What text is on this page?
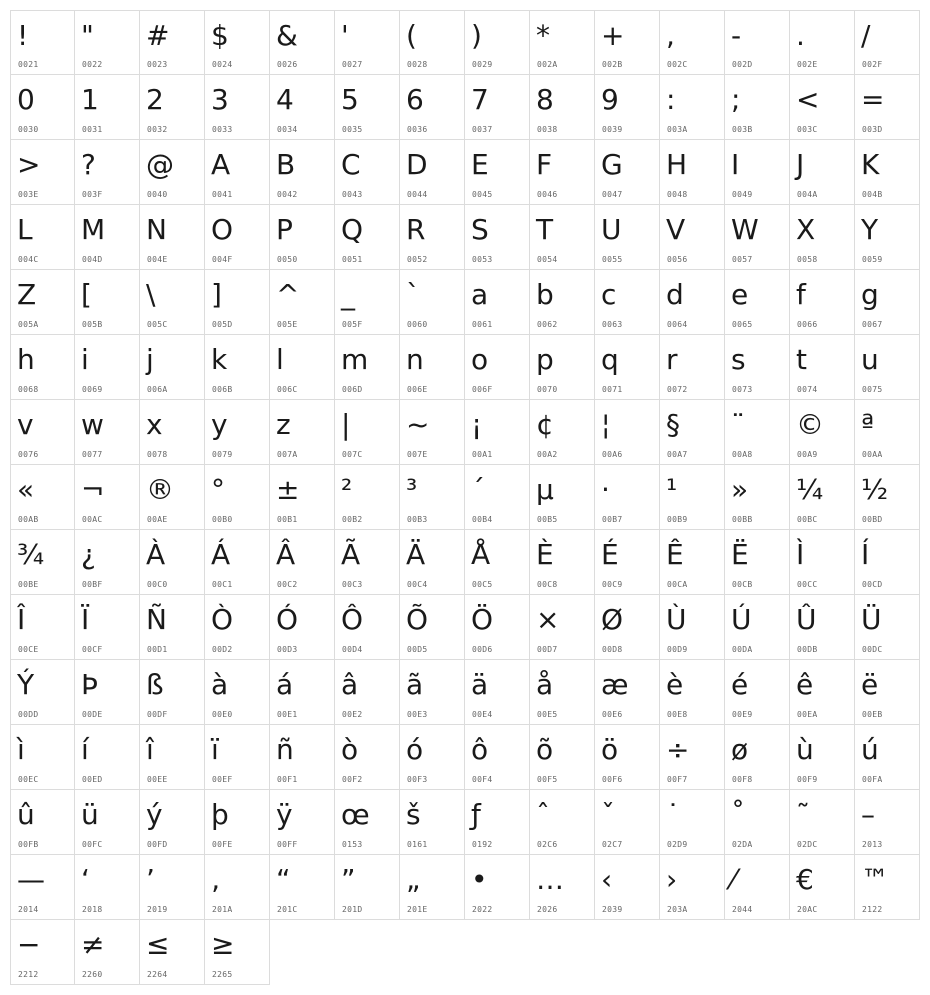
!
0021
"
0022
#
0023
$
0024
&
0026
'
0027
(
0028
)
0029
*
002A
+
002B
,
002C
-
002D
.
002E
/
002F
0
0030
1
0031
2
0032
3
0033
4
0034
5
0035
6
0036
7
0037
8
0038
9
0039
:
003A
;
003B
<
003C
=
003D
>
003E
?
003F
@
0040
A
0041
B
0042
C
0043
D
0044
E
0045
F
0046
G
0047
H
0048
I
0049
J
004A
K
004B
L
004C
M
004D
N
004E
O
004F
P
0050
Q
0051
R
0052
S
0053
T
0054
U
0055
V
0056
W
0057
X
0058
Y
0059
Z
005A
[
005B
\
005C
]
005D
^
005E
_
005F
`
0060
a
0061
b
0062
c
0063
d
0064
e
0065
f
0066
g
0067
h
0068
i
0069
j
006A
k
006B
l
006C
m
006D
n
006E
o
006F
p
0070
q
0071
r
0072
s
0073
t
0074
u
0075
v
0076
w
0077
x
0078
y
0079
z
007A
|
007C
~
007E
¡
00A1
¢
00A2
¦
00A6
§
00A7
¨
00A8
©
00A9
ª
00AA
«
00AB
¬
00AC
®
00AE
°
00B0
±
00B1
²
00B2
³
00B3
´
00B4
µ
00B5
·
00B7
¹
00B9
»
00BB
¼
00BC
½
00BD
¾
00BE
¿
00BF
À
00C0
Á
00C1
Â
00C2
Ã
00C3
Ä
00C4
Å
00C5
È
00C8
É
00C9
Ê
00CA
Ë
00CB
Ì
00CC
Í
00CD
Î
00CE
Ï
00CF
Ñ
00D1
Ò
00D2
Ó
00D3
Ô
00D4
Õ
00D5
Ö
00D6
×
00D7
Ø
00D8
Ù
00D9
Ú
00DA
Û
00DB
Ü
00DC
Ý
00DD
Þ
00DE
ß
00DF
à
00E0
á
00E1
â
00E2
ã
00E3
ä
00E4
å
00E5
æ
00E6
è
00E8
é
00E9
ê
00EA
ë
00EB
ì
00EC
í
00ED
î
00EE
ï
00EF
ñ
00F1
ò
00F2
ó
00F3
ô
00F4
õ
00F5
ö
00F6
÷
00F7
ø
00F8
ù
00F9
ú
00FA
û
00FB
ü
00FC
ý
00FD
þ
00FE
ÿ
00FF
œ
0153
š
0161
ƒ
0192
ˆ
02C6
ˇ
02C7
˙
02D9
˚
02DA
˜
02DC
–
2013
—
2014
‘
2018
’
2019
‚
201A
“
201C
”
201D
„
201E
•
2022
…
2026
‹
2039
›
203A
⁄
2044
€
20AC
™
2122
−
2212
≠
2260
≤
2264
≥
2265
